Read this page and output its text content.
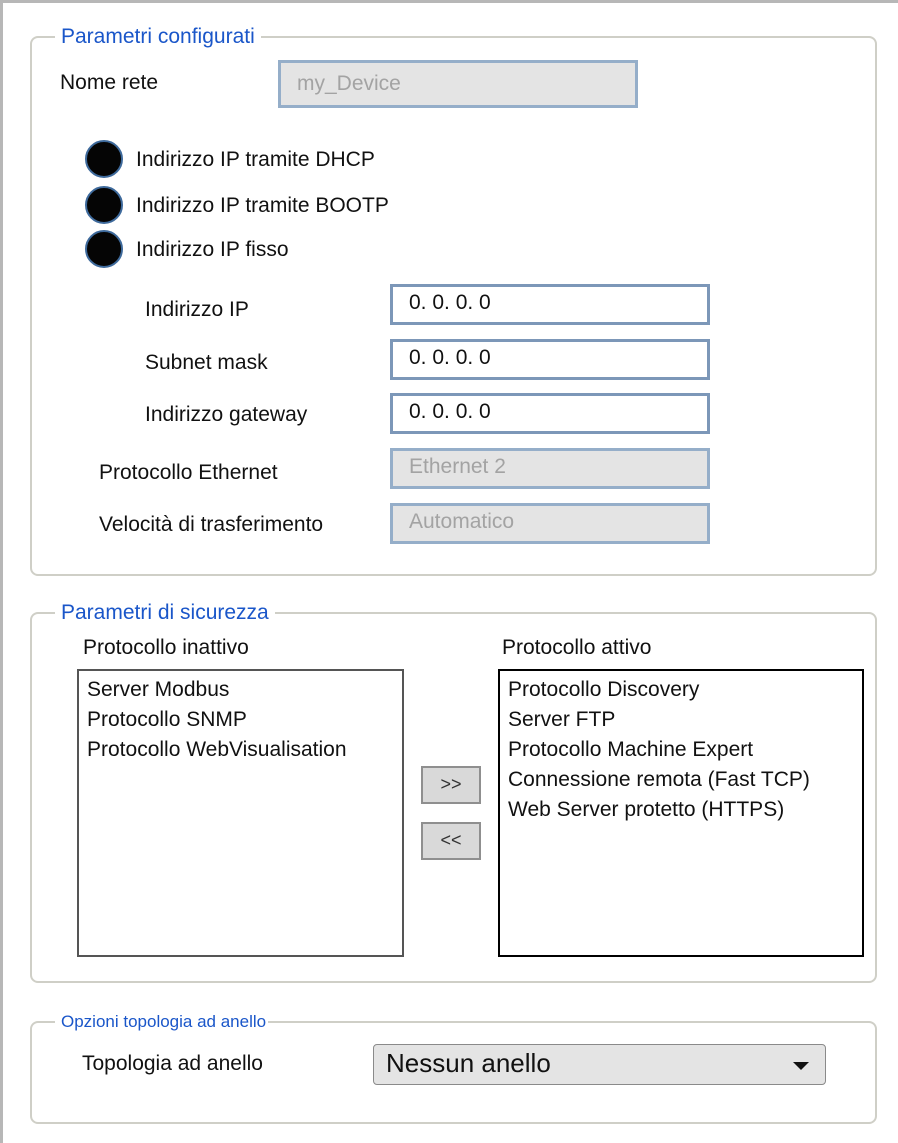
Parametri configurati
Nome rete	my_Device
Indirizzo IP tramite DHCP
Indirizzo IP tramite BOOTP
Indirizzo IP fisso
Indirizzo IP	0. 0. 0. 0
Subnet mask	0. 0. 0. 0
Indirizzo gateway	0. 0. 0. 0
Protocollo Ethernet	Ethernet 2
Velocità di trasferimento	Automatico
Parametri di sicurezza
Protocollo inattivo	Protocollo attivo
Server Modbus
Protocollo SNMP
Protocollo WebVisualisation
>>
<<
Protocollo Discovery
Server FTP
Protocollo Machine Expert
Connessione remota (Fast TCP)
Web Server protetto (HTTPS)
Opzioni topologia ad anello
Topologia ad anello	Nessun anello
